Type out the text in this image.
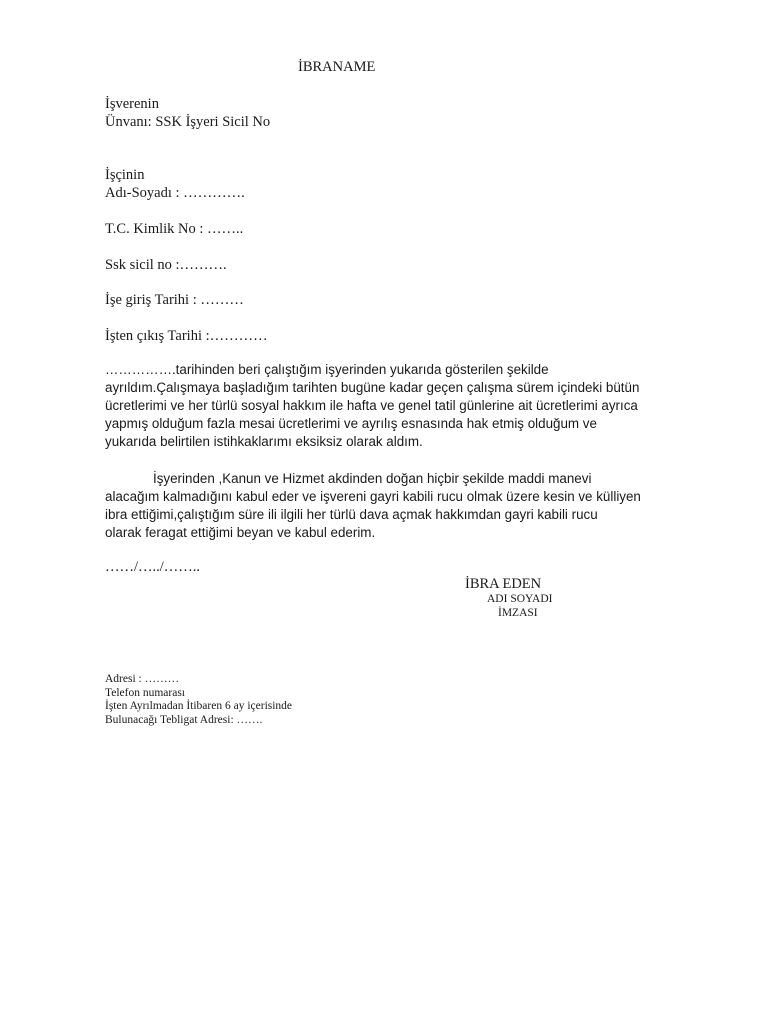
İBRANAME
İşverenin
Ünvanı: SSK İşyeri Sicil No
İşçinin
Adı-Soyadı : ………….
T.C. Kimlik No : ……..
Ssk sicil no :……….
İşe giriş Tarihi : ………
İşten çıkış Tarihi :…………
…………….tarihinden beri çalıştığım işyerinden yukarıda gösterilen şekilde
ayrıldım.Çalışmaya başladığım tarihten bugüne kadar geçen çalışma sürem içindeki bütün
ücretlerimi ve her türlü sosyal hakkım ile hafta ve genel tatil günlerine ait ücretlerimi ayrıca
yapmış olduğum fazla mesai ücretlerimi ve ayrılış esnasında hak etmiş olduğum ve
yukarıda belirtilen istihkaklarımı eksiksiz olarak aldım.
İşyerinden ,Kanun ve Hizmet akdinden doğan hiçbir şekilde maddi manevi
alacağım kalmadığını kabul eder ve işvereni gayri kabili rucu olmak üzere kesin ve külliyen
ibra ettiğimi,çalıştığım süre ili ilgili her türlü dava açmak hakkımdan gayri kabili rucu
olarak feragat ettiğimi beyan ve kabul ederim.
……/…../……..
İBRA EDEN
ADI SOYADI
İMZASI
Adresi : ………
Telefon numarası
İşten Ayrılmadan İtibaren 6 ay içerisinde
Bulunacağı Tebligat Adresi: …….
